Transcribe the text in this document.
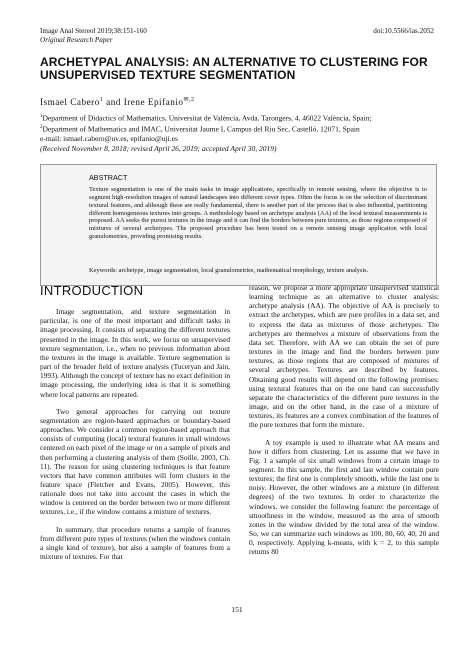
Image Anal Stereol 2019;38:151-160
Original Research Paper
doi:10.5566/ias.2052
ARCHETYPAL ANALYSIS: AN ALTERNATIVE TO CLUSTERING FOR UNSUPERVISED TEXTURE SEGMENTATION
Ismael Cabero$^1$ and Irene Epifanio$^{✉,2}$
$^1$Department of Didactics of Mathematics, Universitat de València, Avda. Tarongers, 4, 46022 València, Spain;
$^2$Department of Mathematics and IMAC, Universitat Jaume I, Campus del Riu Sec, Castelló, 12071, Spain
e-mail: ismael.cabero@uv.es, epifanio@uji.es
(Received November 8, 2018; revised April 26, 2019; accepted April 30, 2019)
ABSTRACT
Texture segmentation is one of the main tasks in image applications, specifically in remote sensing, where the objective is to segment high-resolution images of natural landscapes into different cover types. Often the focus is on the selection of discriminant textural features, and although these are really fundamental, there is another part of the process that is also influential, partitioning different homogeneous textures into groups. A methodology based on archetype analysis (AA) of the local textural measurements is proposed. AA seeks the purest textures in the image and it can find the borders between pure textures, as those regions composed of mixtures of several archetypes. The proposed procedure has been tested on a remote sensing image application with local granulometries, providing promising results.
Keywords: archetype, image segmentation, local granulometries, mathematical morphology, texture analysis.
INTRODUCTION

Image segmentation, and texture segmentation in particular, is one of the most important and difficult tasks in image processing. It consists of separating the different textures presented in the image. In this work, we focus on unsupervised texture segmentation, i.e., when no previous information about the textures in the image is available. Texture segmentation is part of the broader field of texture analysis (Tuceryan and Jain, 1993). Although the concept of texture has no exact definition in image processing, the underlying idea is that it is something where local patterns are repeated.

Two general approaches for carrying out texture segmentation are region-based approaches or boundary-based approaches. We consider a common region-based approach that consists of computing (local) textural features in small windows centered on each pixel of the image or on a sample of pixels and then performing a clustering analysis of them (Soille, 2003, Ch. 11). The reason for using clustering techniques is that feature vectors that have common attributes will form clusters in the feature space (Fletcher and Evans, 2005). However, this rationale does not take into account the cases in which the window is centered on the border between two or more different textures, i.e., if the window contains a mixture of textures.

In summary, that procedure returns a sample of features from different pure types of textures (when the windows contain a single kind of texture), but also a sample of features from a mixture of textures. For that

reason, we propose a more appropriate unsupervised statistical learning technique as an alternative to cluster analysis: archetype analysis (AA). The objective of AA is precisely to extract the archetypes, which are pure profiles in a data set, and to express the data as mixtures of those archetypes. The archetypes are themselves a mixture of observations from the data set. Therefore, with AA we can obtain the set of pure textures in the image and find the borders between pure textures, as those regions that are composed of mixtures of several archetypes. Textures are described by features. Obtaining good results will depend on the following premises: using textural features that on the one hand can successfully separate the characteristics of the different pure textures in the image, and on the other hand, in the case of a mixture of textures, its features are a convex combination of the features of the pure textures that form the mixture.

A toy example is used to illustrate what AA means and how it differs from clustering. Let us assume that we have in Fig. 1 a sample of six small windows from a certain image to segment. In this sample, the first and last window contain pure textures; the first one is completely smooth, while the last one is noisy. However, the other windows are a mixture (in different degrees) of the two textures. In order to characterize the windows, we consider the following feature: the percentage of smoothness in the window, measured as the area of smooth zones in the window divided by the total area of the window. So, we can summarize each windows as 100, 80, 60, 40, 20 and 0, respectively. Applying k-means, with k = 2, to this sample returns 80

151
